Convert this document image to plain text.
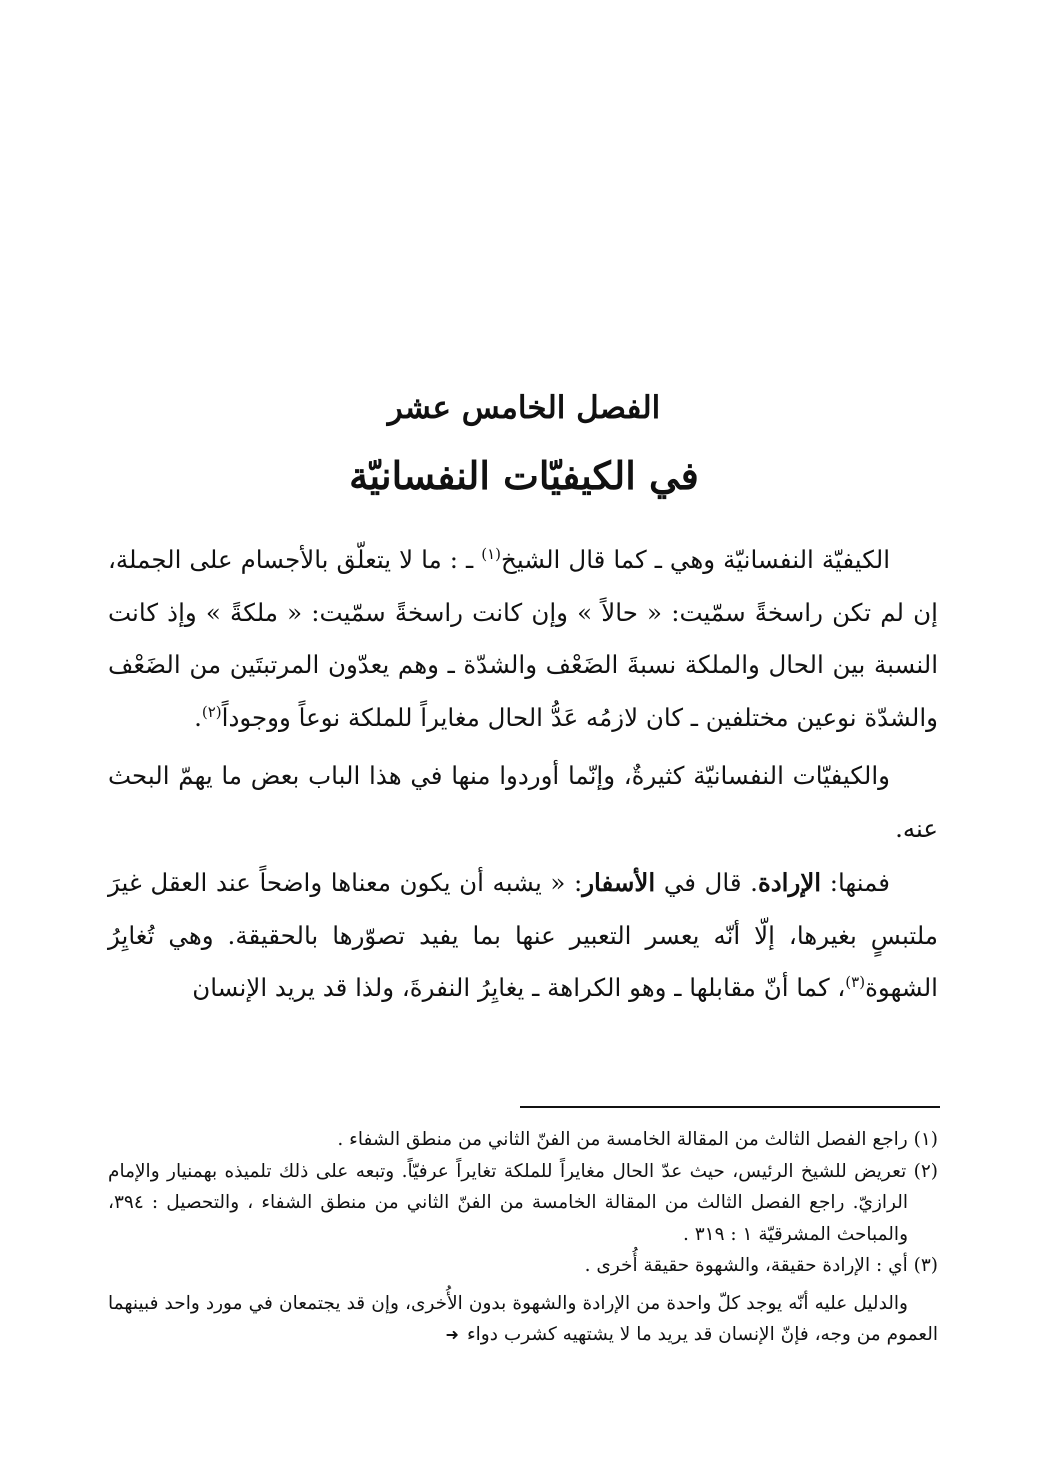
الفصل الخامس عشر
في الكيفيّات النفسانيّة

الكيفيّة النفسانيّة وهي ـ كما قال الشيخ$^{(١)}$ ـ : ما لا يتعلّق بالأجسام على الجملة، إن لم تكن راسخةً سمّيت: « حالاً » وإن كانت راسخةً سمّيت: « ملكةً » وإذ كانت النسبة بين الحال والملكة نسبةَ الضَعْف والشدّة ـ وهم يعدّون المرتبتَين من الضَعْف والشدّة نوعين مختلفين ـ كان لازمُه عَدُّ الحال مغايراً للملكة نوعاً ووجوداً$^{(٢)}$.

والكيفيّات النفسانيّة كثيرةٌ، وإنّما أوردوا منها في هذا الباب بعض ما يهمّ البحث عنه.

فمنها: الإرادة. قال في الأسفار: « يشبه أن يكون معناها واضحاً عند العقل غيرَ ملتبسٍ بغيرها، إلّا أنّه يعسر التعبير عنها بما يفيد تصوّرها بالحقيقة. وهي تُغايِرُ الشهوة$^{(٣)}$، كما أنّ مقابلها ـ وهو الكراهة ـ يغايِرُ النفرةَ، ولذا قد يريد الإنسان

(١) راجع الفصل الثالث من المقالة الخامسة من الفنّ الثاني من منطق الشفاء .

(٢) تعريض للشيخ الرئيس، حيث عدّ الحال مغايراً للملكة تغايراً عرفيّاً. وتبعه على ذلك تلميذه بهمنيار والإمام الرازيّ. راجع الفصل الثالث من المقالة الخامسة من الفنّ الثاني من منطق الشفاء ، والتحصيل : ٣٩٤، والمباحث المشرقيّة ١ : ٣١٩ .

(٣) أي : الإرادة حقيقة، والشهوة حقيقة أُخرى .

والدليل عليه أنّه يوجد كلّ واحدة من الإرادة والشهوة بدون الأُخرى، وإن قد يجتمعان في مورد واحد فبينهما العموم من وجه، فإنّ الإنسان قد يريد ما لا يشتهيه كشرب دواء➜
